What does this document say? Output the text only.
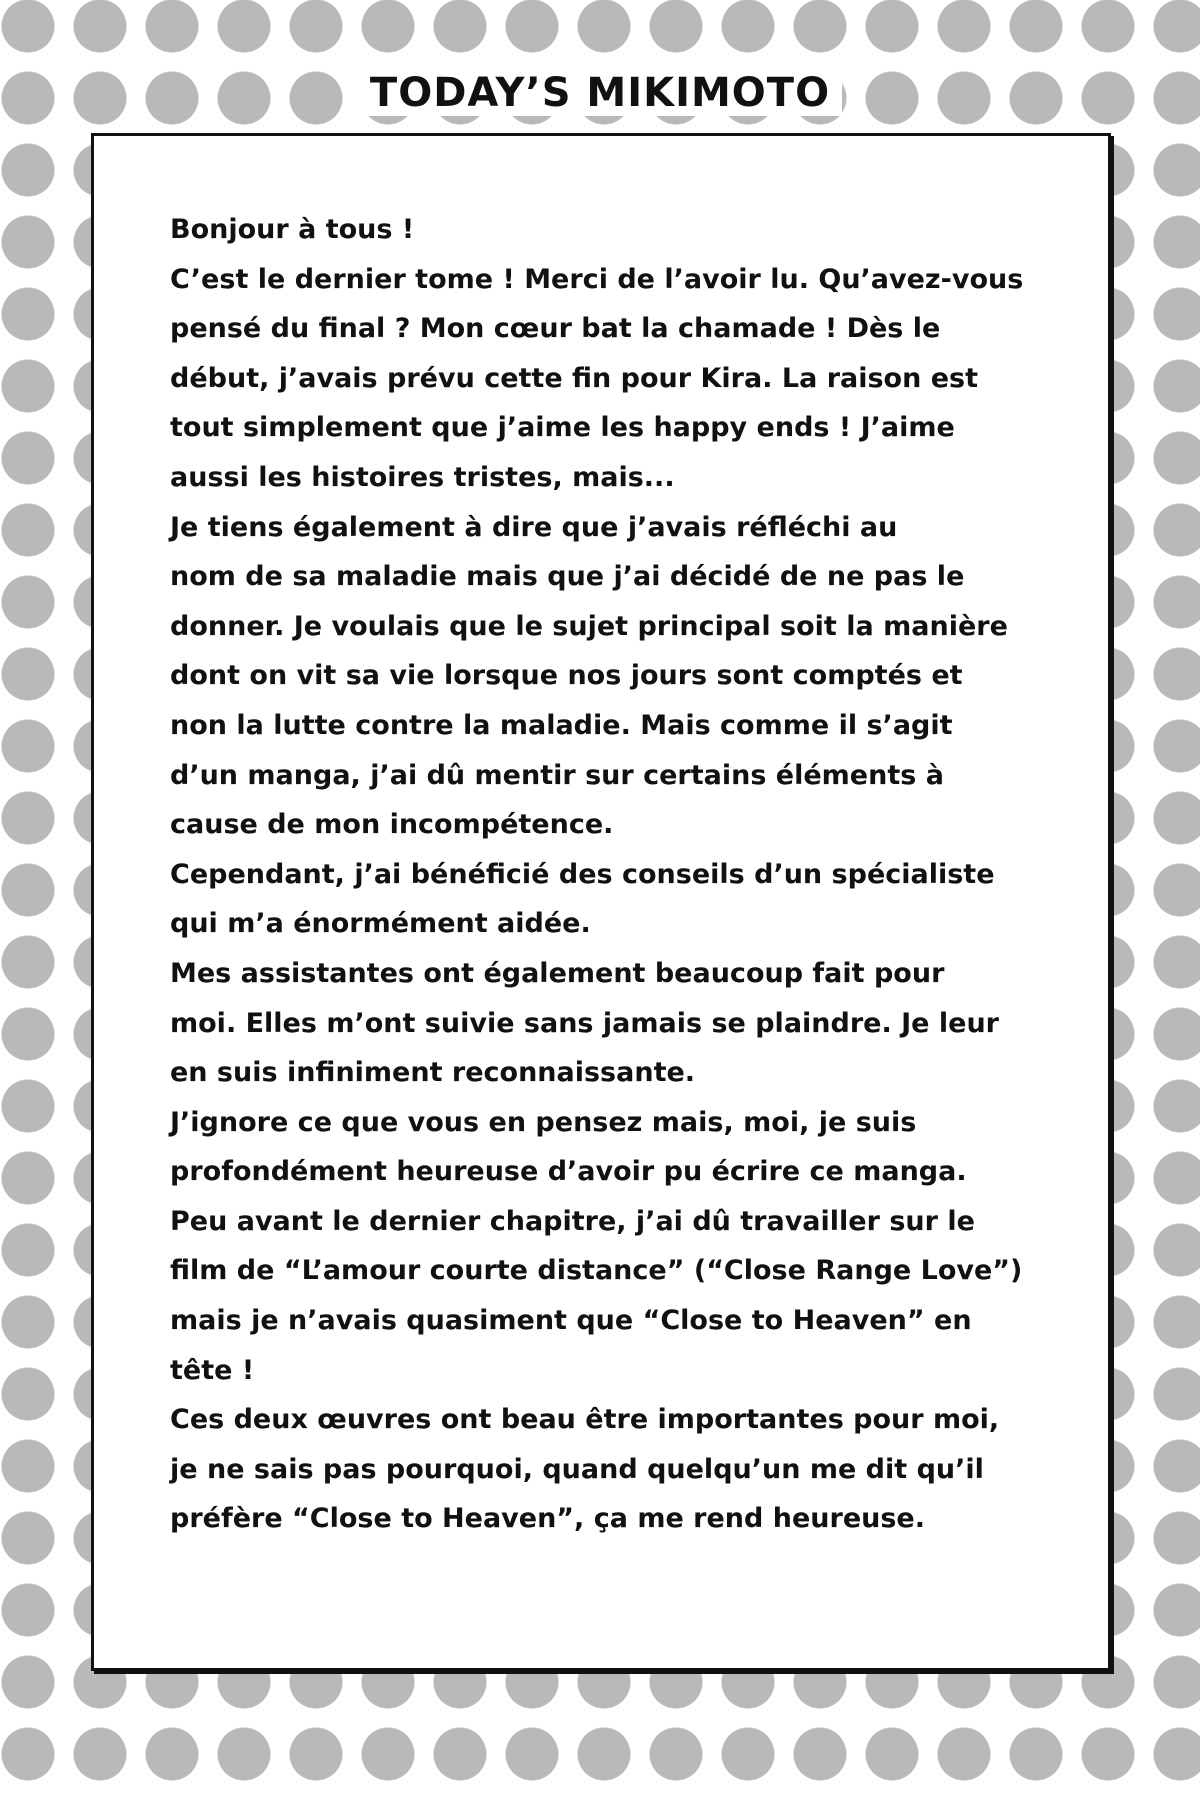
TODAY’S MIKIMOTO
Bonjour à tous !
C’est le dernier tome ! Merci de l’avoir lu. Qu’avez-vous
pensé du final ? Mon cœur bat la chamade ! Dès le
début, j’avais prévu cette fin pour Kira. La raison est
tout simplement que j’aime les happy ends ! J’aime
aussi les histoires tristes, mais...
Je tiens également à dire que j’avais réfléchi au
nom de sa maladie mais que j’ai décidé de ne pas le
donner. Je voulais que le sujet principal soit la manière
dont on vit sa vie lorsque nos jours sont comptés et
non la lutte contre la maladie. Mais comme il s’agit
d’un manga, j’ai dû mentir sur certains éléments à
cause de mon incompétence.
Cependant, j’ai bénéficié des conseils d’un spécialiste
qui m’a énormément aidée.
Mes assistantes ont également beaucoup fait pour
moi. Elles m’ont suivie sans jamais se plaindre. Je leur
en suis infiniment reconnaissante.
J’ignore ce que vous en pensez mais, moi, je suis
profondément heureuse d’avoir pu écrire ce manga.
Peu avant le dernier chapitre, j’ai dû travailler sur le
film de “L’amour courte distance” (“Close Range Love”)
mais je n’avais quasiment que “Close to Heaven” en
tête !
Ces deux œuvres ont beau être importantes pour moi,
je ne sais pas pourquoi, quand quelqu’un me dit qu’il
préfère “Close to Heaven”, ça me rend heureuse.
